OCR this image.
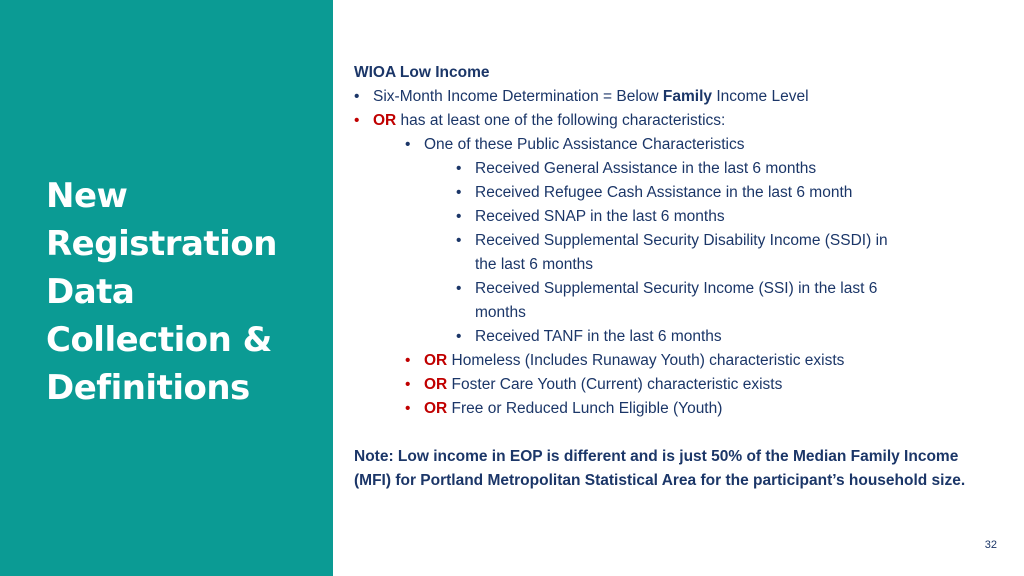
New
Registration
Data
Collection &
Definitions
WIOA Low Income
• Six-Month Income Determination = Below Family Income Level
• OR has at least one of the following characteristics:
• One of these Public Assistance Characteristics
• Received General Assistance in the last 6 months
• Received Refugee Cash Assistance in the last 6 month
• Received SNAP in the last 6 months
• Received Supplemental Security Disability Income (SSDI) in
the last 6 months
• Received Supplemental Security Income (SSI) in the last 6
months
• Received TANF in the last 6 months
• OR Homeless (Includes Runaway Youth) characteristic exists
• OR Foster Care Youth (Current) characteristic exists
• OR Free or Reduced Lunch Eligible (Youth)
Note: Low income in EOP is different and is just 50% of the Median Family Income (MFI) for Portland Metropolitan Statistical Area for the participant’s household size.
32
